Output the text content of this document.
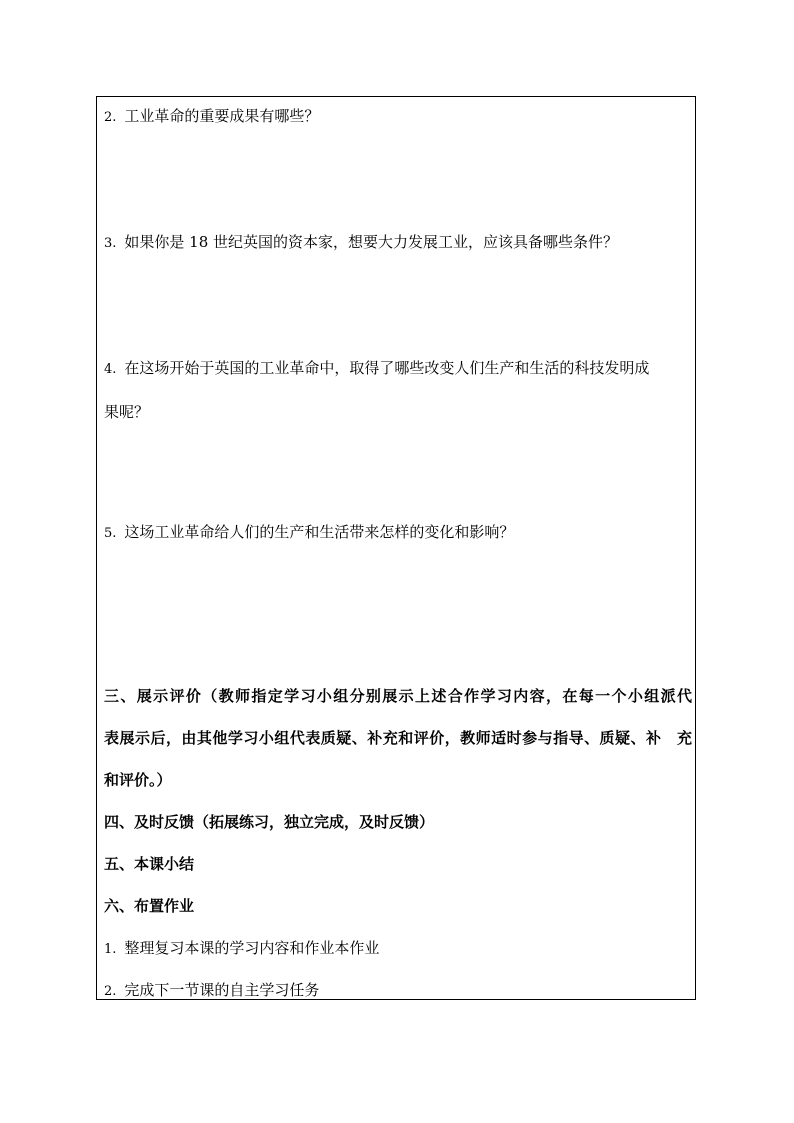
2. 工业革命的重要成果有哪些？
3. 如果你是 18 世纪英国的资本家，想要大力发展工业，应该具备哪些条件？
4. 在这场开始于英国的工业革命中，取得了哪些改变人们生产和生活的科技发明成
果呢？
5. 这场工业革命给人们的生产和生活带来怎样的变化和影响？
三、展示评价（教师指定学习小组分别展示上述合作学习内容，在每一个小组派代
表展示后，由其他学习小组代表质疑、补充和评价，教师适时参与指导、质疑、补　充
和评价。）
四、及时反馈（拓展练习，独立完成，及时反馈）
五、本课小结
六、布置作业
1. 整理复习本课的学习内容和作业本作业
2. 完成下一节课的自主学习任务
